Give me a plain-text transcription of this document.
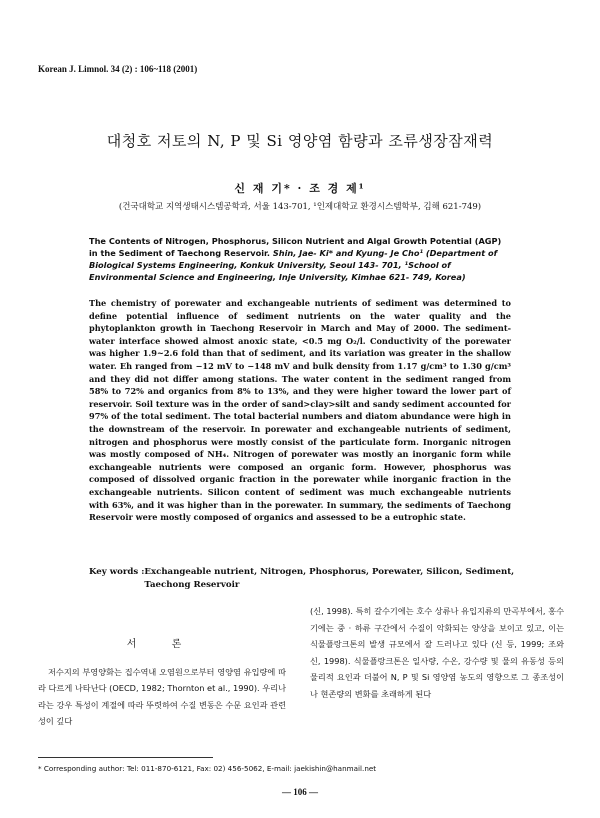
Korean J. Limnol. 34 (2) : 106~118 (2001)
대청호 저토의 N, P 및 Si 영양염 함량과 조류생장잠재력
신 재 기* · 조 경 제¹
(건국대학교 지역생태시스템공학과, 서울 143-701, ¹인제대학교 환경시스템학부, 김해 621-749)
The Contents of Nitrogen, Phosphorus, Silicon Nutrient and Algal Growth Potential (AGP) in the Sediment of Taechong Reservoir. Shin, Jae- Ki* and Kyung- Je Cho¹ (Department of Biological Systems Engineering, Konkuk University, Seoul 143- 701, ¹School of Environmental Science and Engineering, Inje University, Kimhae 621- 749, Korea)

The chemistry of porewater and exchangeable nutrients of sediment was determined to define potential influence of sediment nutrients on the water quality and the phytoplankton growth in Taechong Reservoir in March and May of 2000. The sediment-water interface showed almost anoxic state, <0.5 mg O₂/l. Conductivity of the porewater was higher 1.9~2.6 fold than that of sediment, and its variation was greater in the shallow water. Eh ranged from −12 mV to −148 mV and bulk density from 1.17 g/cm³ to 1.30 g/cm³ and they did not differ among stations. The water content in the sediment ranged from 58% to 72% and organics from 8% to 13%, and they were higher toward the lower part of reservoir. Soil texture was in the order of sand>clay>silt and sandy sediment accounted for 97% of the total sediment. The total bacterial numbers and diatom abundance were high in the downstream of the reservoir. In porewater and exchangeable nutrients of sediment, nitrogen and phosphorus were mostly consist of the particulate form. Inorganic nitrogen was mostly composed of NH₄. Nitrogen of porewater was mostly an inorganic form while exchangeable nutrients were composed an organic form. However, phosphorus was composed of dissolved organic fraction in the porewater while inorganic fraction in the exchangeable nutrients. Silicon content of sediment was much exchangeable nutrients with 63%, and it was higher than in the porewater. In summary, the sediments of Taechong Reservoir were mostly composed of organics and assessed to be a eutrophic state.

Key words : Exchangeable nutrient, Nitrogen, Phosphorus, Porewater, Silicon, Sediment, Taechong Reservoir
서 론

저수지의 부영양화는 집수역내 오염원으로부터 영양염 유입량에 따라 다르게 나타난다 (OECD, 1982; Thornton et al., 1990). 우리나라는 강우 특성이 계절에 따라 뚜렷하여 수질 변동은 수문 요인과 관련성이 깊다

(신, 1998). 특히 갈수기에는 호수 상류나 유입지류의 만곡부에서, 홍수기에는 중 · 하류 구간에서 수질이 악화되는 양상을 보이고 있고, 이는 식물플랑크톤의 발생 규모에서 잘 드러나고 있다 (신 등, 1999; 조와 신, 1998). 식물플랑크톤은 일사량, 수온, 강수량 및 물의 유동성 등의 물리적 요인과 더불어 N, P 및 Si 영양염 농도의 영향으로 그 종조성이나 현존량의 변화를 초래하게 된다

* Corresponding author: Tel: 011-870-6121, Fax: 02) 456-5062, E-mail: jaekishin@hanmail.net
— 106 —
